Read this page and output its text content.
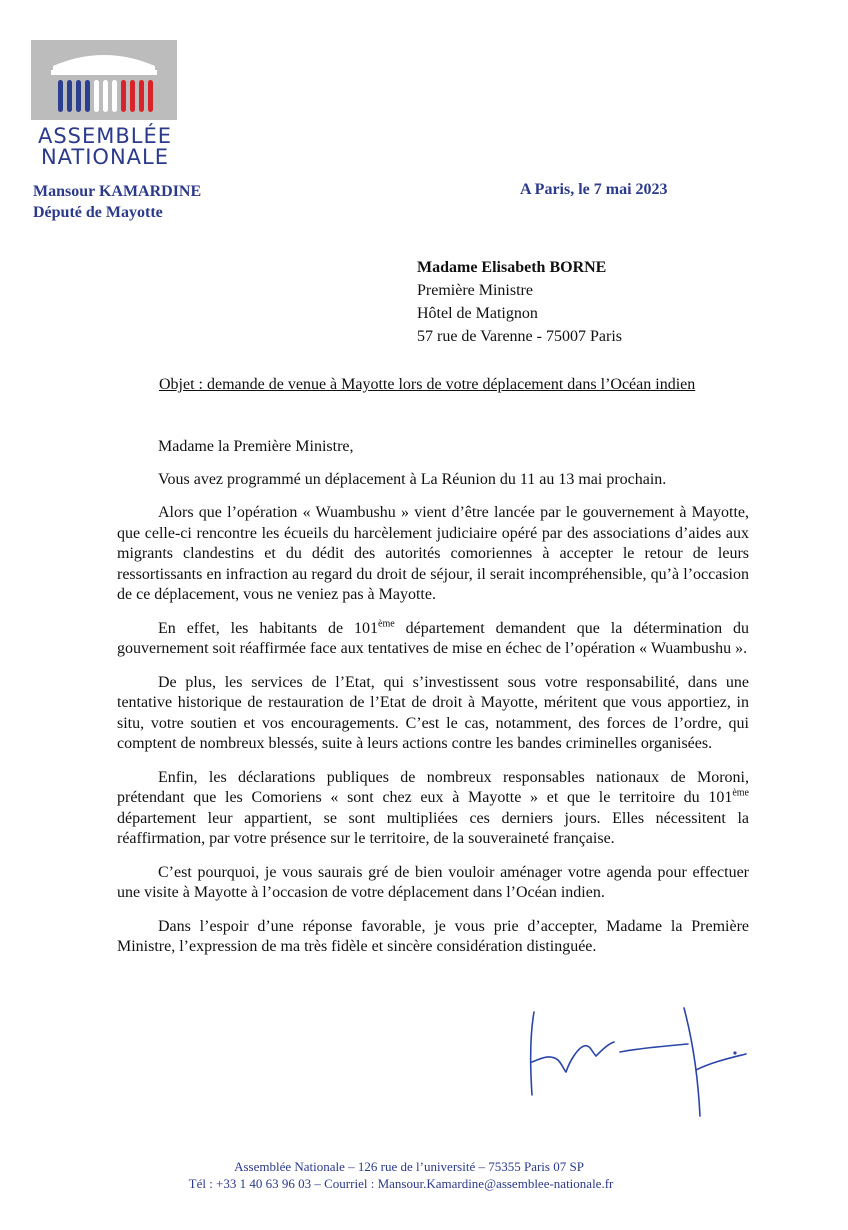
ASSEMBLÉE
NATIONALE
Mansour KAMARDINE
Député de Mayotte
A Paris, le 7 mai 2023
Madame Elisabeth BORNE
Première Ministre
Hôtel de Matignon
57 rue de Varenne - 75007 Paris
Objet : demande de venue à Mayotte lors de votre déplacement dans l’Océan indien

Madame la Première Ministre,

Vous avez programmé un déplacement à La Réunion du 11 au 13 mai prochain.

Alors que l’opération « Wuambushu » vient d’être lancée par le gouvernement à Mayotte, que celle-ci rencontre les écueils du harcèlement judiciaire opéré par des associations d’aides aux migrants clandestins et du dédit des autorités comoriennes à accepter le retour de leurs ressortissants en infraction au regard du droit de séjour, il serait incompréhensible, qu’à l’occasion de ce déplacement, vous ne veniez pas à Mayotte.

En effet, les habitants de 101ème département demandent que la détermination du gouvernement soit réaffirmée face aux tentatives de mise en échec de l’opération « Wuambushu ».

De plus, les services de l’Etat, qui s’investissent sous votre responsabilité, dans une tentative historique de restauration de l’Etat de droit à Mayotte, méritent que vous apportiez, in situ, votre soutien et vos encouragements. C’est le cas, notamment, des forces de l’ordre, qui comptent de nombreux blessés, suite à leurs actions contre les bandes criminelles organisées.

Enfin, les déclarations publiques de nombreux responsables nationaux de Moroni, prétendant que les Comoriens « sont chez eux à Mayotte » et que le territoire du 101ème département leur appartient, se sont multipliées ces derniers jours. Elles nécessitent la réaffirmation, par votre présence sur le territoire, de la souveraineté française.

C’est pourquoi, je vous saurais gré de bien vouloir aménager votre agenda pour effectuer une visite à Mayotte à l’occasion de votre déplacement dans l’Océan indien.

Dans l’espoir d’une réponse favorable, je vous prie d’accepter, Madame la Première Ministre, l’expression de ma très fidèle et sincère considération distinguée.

Assemblée Nationale – 126 rue de l’université – 75355 Paris 07 SP
Tél : +33 1 40 63 96 03 – Courriel : Mansour.Kamardine@assemblee-nationale.fr
